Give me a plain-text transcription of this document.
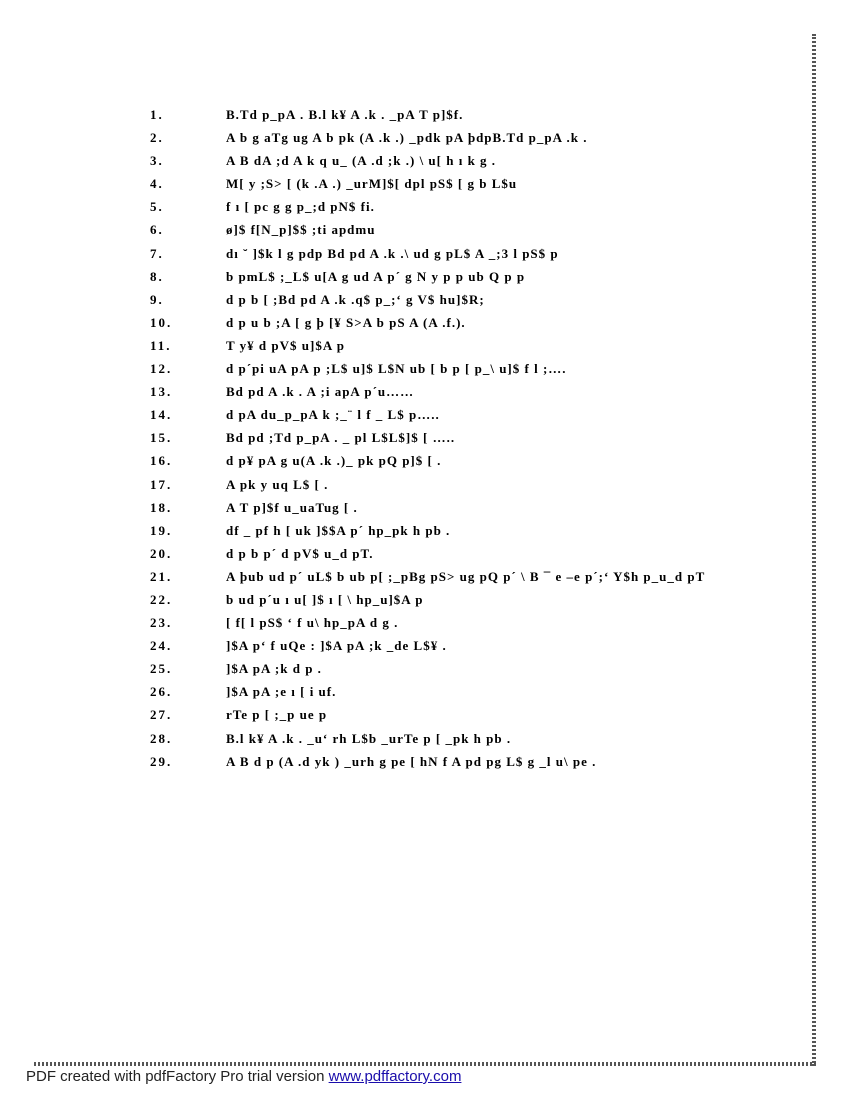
1.	B.Td p_pA . B.l k¥ A .k . _pA T p]$f.
2.	A b g aTg ug A b pk (A .k .) _pdk pA þdpB.Td p_pA .k .
3.	A B dA ;d A k q u_ (A .d ;k .) \ u[ h ı k g .
4.	M[ y ;S> [ (k .A .) _urM]$[ dpl pS$ [ g b L$u
5.	f ı [ pc g g p_;d pN$ fi.
6.	ø]$ f[N_p]$$ ;ti apdmu
7.	dı ˘ ]$k l g pdp Bd pd A .k .\ ud g pL$ A _;3 l pS$ p
8.	b pmL$ ;_L$ u[A g ud A p´ g N y p p ub Q p p
9.	d p b [ ;Bd pd A .k .q$ p_;‘ g V$ hu]$R;
10.	d p u b ;A [ g þ [¥ S>A b pS A (A .f.).
11.	T y¥ d pV$ u]$A p
12.	d p´pi uA pA p ;L$ u]$ L$N ub [ b p [ p_\ u]$ f l ;….
13.	Bd pd A .k . A ;i apA p´u……
14.	d pA du_p_pA k ;_¨ l f _ L$ p…..
15.	Bd pd ;Td p_pA . _ pl L$L$]$ [ …..
16.	d p¥ pA g u(A .k .)_ pk pQ p]$ [ .
17.	A pk y uq L$ [ .
18.	A T p]$f u_uaTug [ .
19.	df _ pf h [ uk ]$$A p´ hp_pk h pb .
20.	d p b p´ d pV$ u_d pT.
21.	A þub ud p´ uL$ b ub p[ ;_pBg pS> ug pQ p´ \ B ¯ e –e p´;‘ Y$h p_u_d pT
22.	b ud p´u ı u[ ]$ ı [ \ hp_u]$A p
23.	[ f[ l pS$ ‘ f u\ hp_pA d g .
24.	]$A p‘ f uQe : ]$A pA ;k _de L$¥ .
25.	]$A pA ;k d p .
26.	]$A pA ;e ı [ i uf.
27.	rTe p [ ;_p ue p
28.	B.l k¥ A .k . _u‘ rh L$b _urTe p [ _pk h pb .
29.	A B d p (A .d yk ) _urh g pe [ hN f A pd pg L$ g _l u\ pe .
PDF created with pdfFactory Pro trial version www.pdffactory.com
